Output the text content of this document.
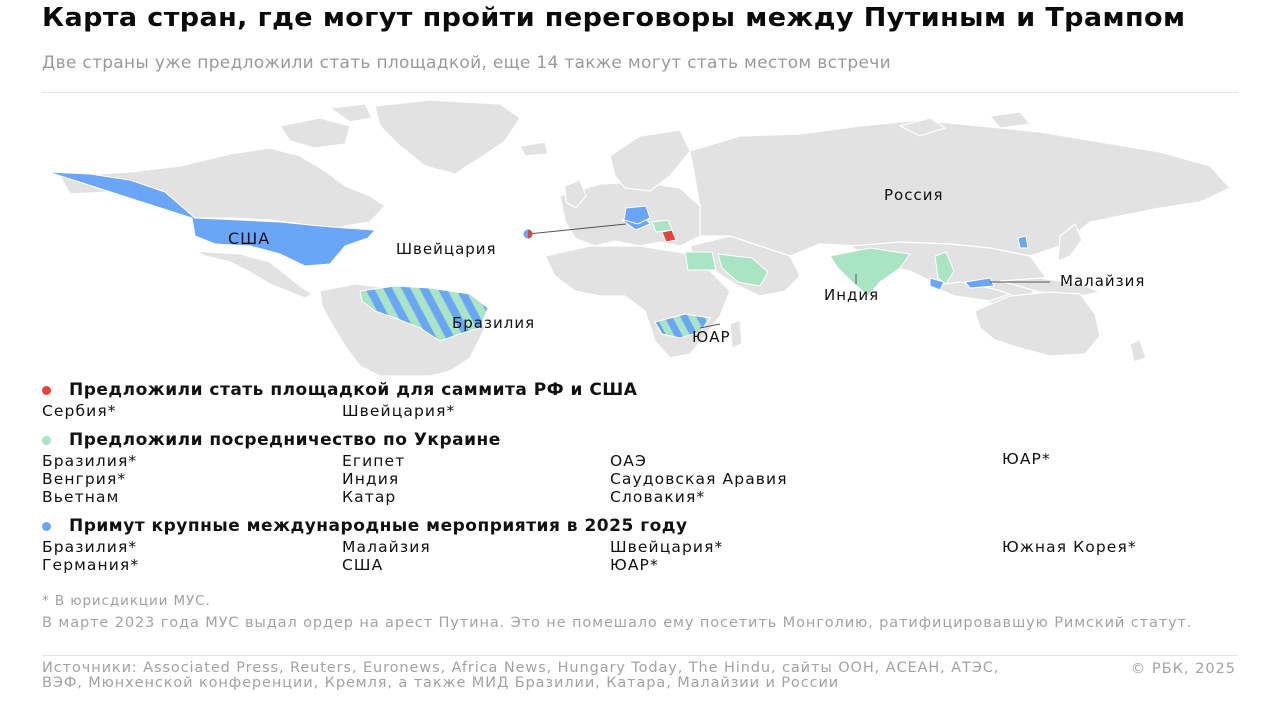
Карта стран, где могут пройти переговоры между Путиным и Трампом
Две страны уже предложили стать площадкой, еще 14 также могут стать местом встречи
США
Россия
Швейцария
Бразилия
Индия
Малайзия
ЮАР
Предложили стать площадкой для саммита РФ и США
Сербия*	Швейцария*
Предложили посредничество по Украине
Бразилия*
Венгрия*
Вьетнам
Египет
Индия
Катар
ОАЭ
Саудовская Аравия
Словакия*
ЮАР*
Примут крупные международные мероприятия в 2025 году
Бразилия*
Германия*
Малайзия
США
Швейцария*
ЮАР*
Южная Корея*
* В юрисдикции МУС.
В марте 2023 года МУС выдал ордер на арест Путина. Это не помешало ему посетить Монголию, ратифицировавшую Римский статут.
Источники: Associated Press, Reuters, Euronews, Africa News, Hungary Today, The Hindu, сайты ООН, АСЕАН, АТЭС, ВЭФ, Мюнхенской конференции, Кремля, а также МИД Бразилии, Катара, Малайзии и России
© РБК, 2025
